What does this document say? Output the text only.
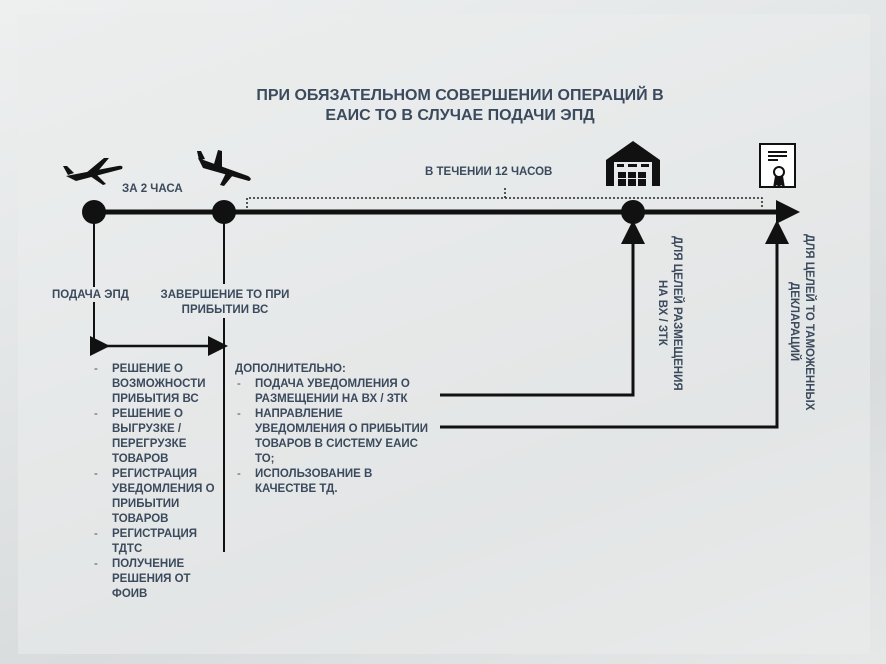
ПРИ ОБЯЗАТЕЛЬНОМ СОВЕРШЕНИИ ОПЕРАЦИЙ В
ЕАИС ТО В СЛУЧАЕ ПОДАЧИ ЭПД
ЗА 2 ЧАСА
В ТЕЧЕНИИ 12 ЧАСОВ
ПОДАЧА ЭПД	ЗАВЕРШЕНИЕ ТО ПРИ ПРИБЫТИИ ВС	ДЛЯ ЦЕЛЕЙ РАЗМЕЩЕНИЯ НА ВХ / ЗТК	ДЛЯ ЦЕЛЕЙ ТО ТАМОЖЕННЫХ ДЕКЛАРАЦИЙ
- РЕШЕНИЕ О ВОЗМОЖНОСТИ ПРИБЫТИЯ ВС
- РЕШЕНИЕ О ВЫГРУЗКЕ / ПЕРЕГРУЗКЕ ТОВАРОВ
- РЕГИСТРАЦИЯ УВЕДОМЛЕНИЯ О ПРИБЫТИИ ТОВАРОВ
- РЕГИСТРАЦИЯ ТДТС
- ПОЛУЧЕНИЕ РЕШЕНИЯ ОТ ФОИВ
ДОПОЛНИТЕЛЬНО:
- ПОДАЧА УВЕДОМЛЕНИЯ О РАЗМЕЩЕНИИ НА ВХ / ЗТК
- НАПРАВЛЕНИЕ УВЕДОМЛЕНИЯ О ПРИБЫТИИ ТОВАРОВ В СИСТЕМУ ЕАИС ТО;
- ИСПОЛЬЗОВАНИЕ В КАЧЕСТВЕ ТД.
